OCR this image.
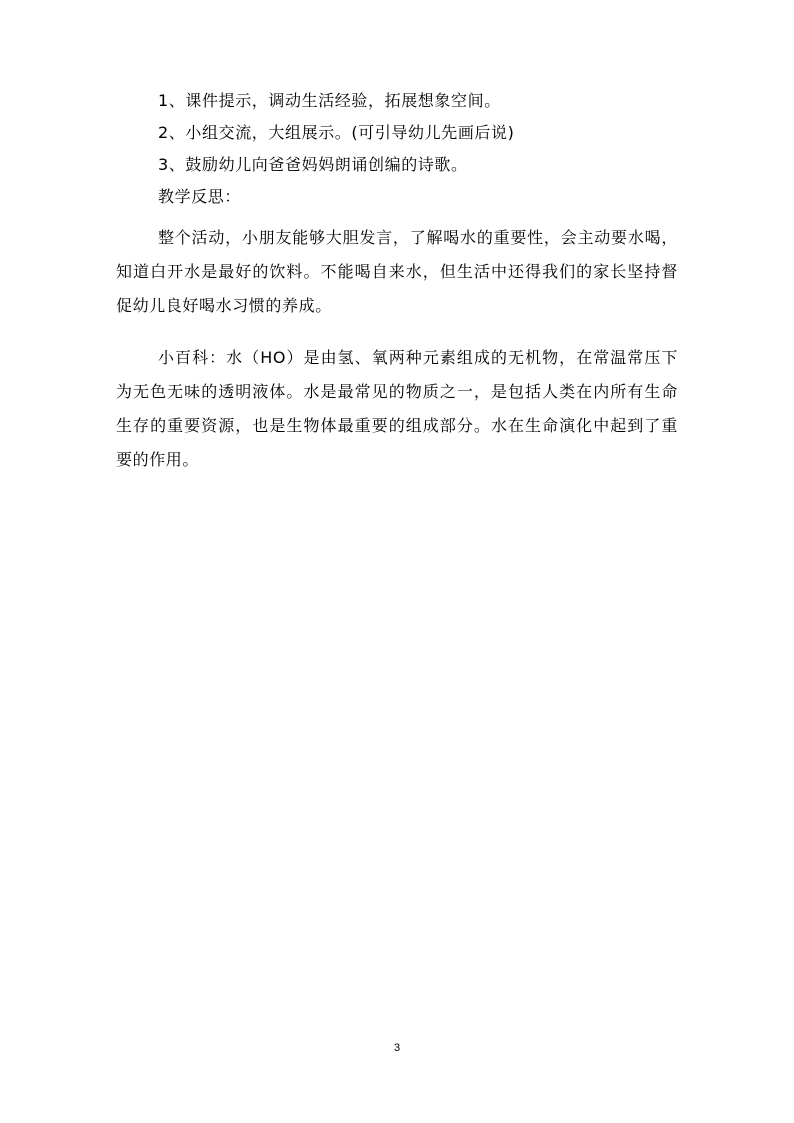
1、课件提示，调动生活经验，拓展想象空间。
2、小组交流，大组展示。(可引导幼儿先画后说)
3、鼓励幼儿向爸爸妈妈朗诵创编的诗歌。
教学反思：

整个活动，小朋友能够大胆发言，了解喝水的重要性，会主动要水喝，知道白开水是最好的饮料。不能喝自来水，但生活中还得我们的家长坚持督促幼儿良好喝水习惯的养成。

小百科：水（HO）是由氢、氧两种元素组成的无机物，在常温常压下为无色无味的透明液体。水是最常见的物质之一，是包括人类在内所有生命生存的重要资源，也是生物体最重要的组成部分。水在生命演化中起到了重要的作用。

3
